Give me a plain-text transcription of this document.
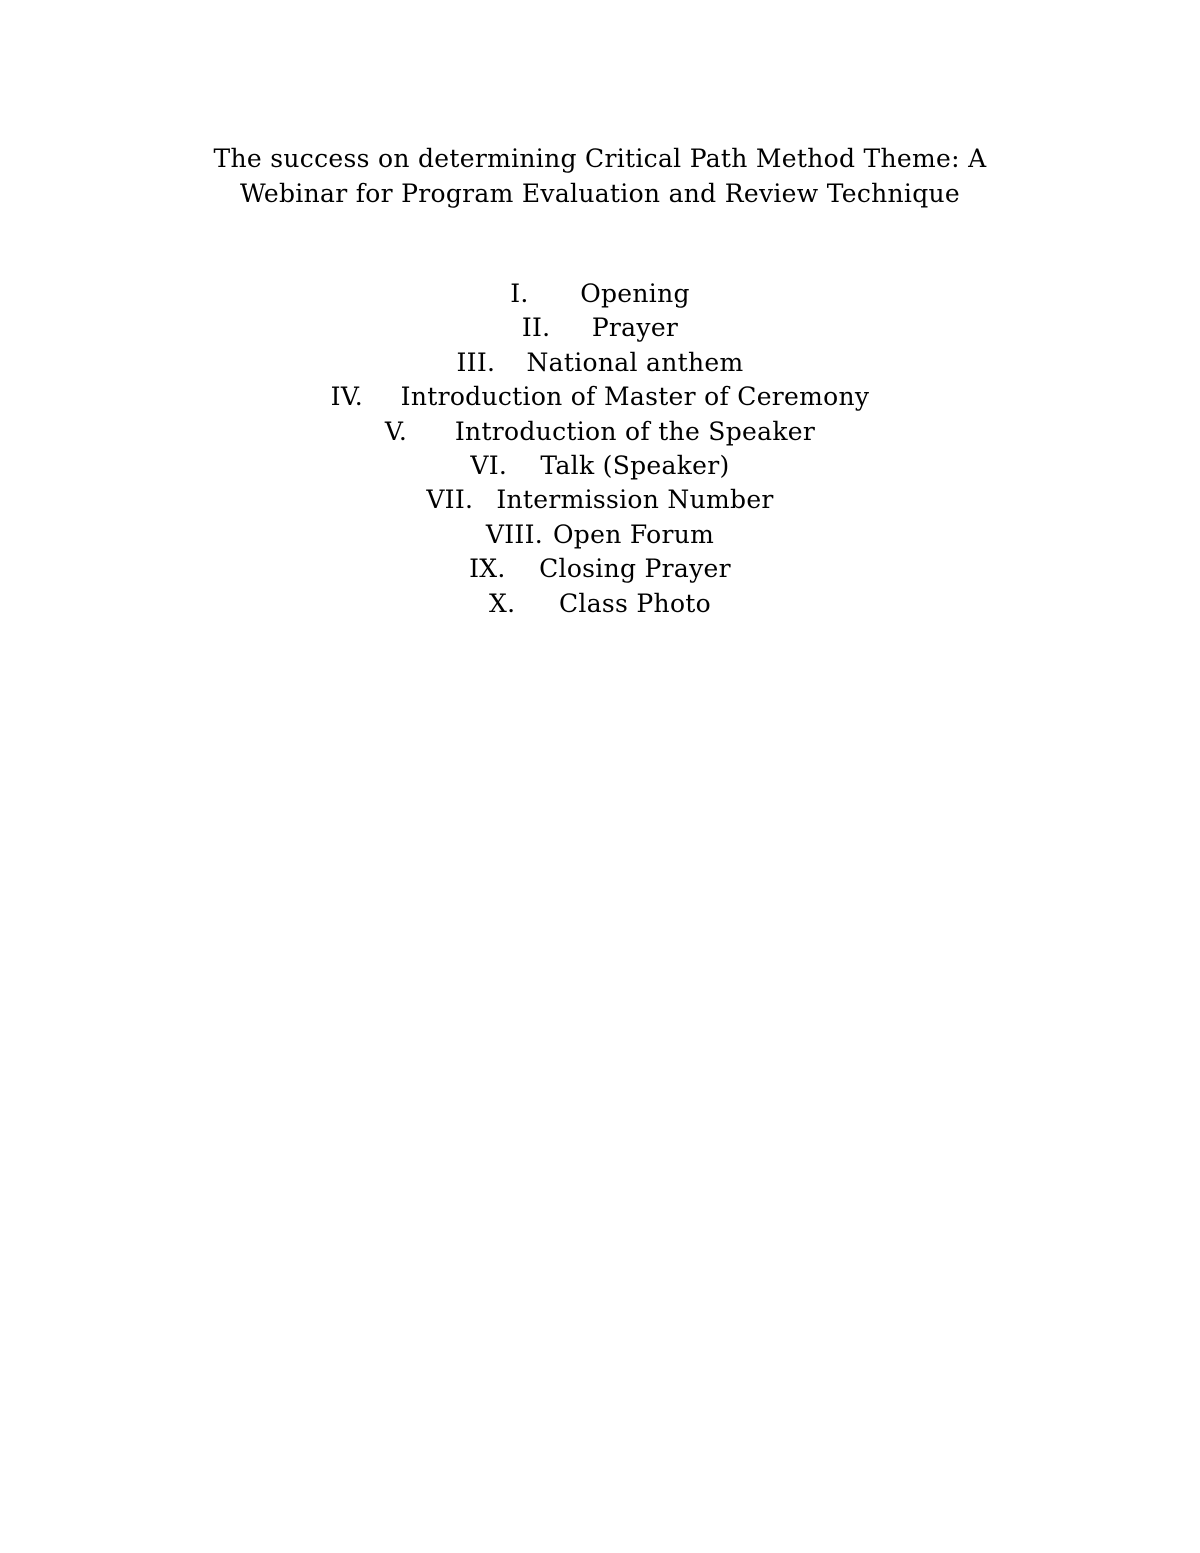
The success on determining Critical Path Method Theme: A
Webinar for Program Evaluation and Review Technique
I.	Opening
II.	Prayer
III.	National anthem
IV.	Introduction of Master of Ceremony
V.	Introduction of the Speaker
VI.	Talk (Speaker)
VII. Intermission Number
VIII. Open Forum
IX.	Closing Prayer
X.	Class Photo
